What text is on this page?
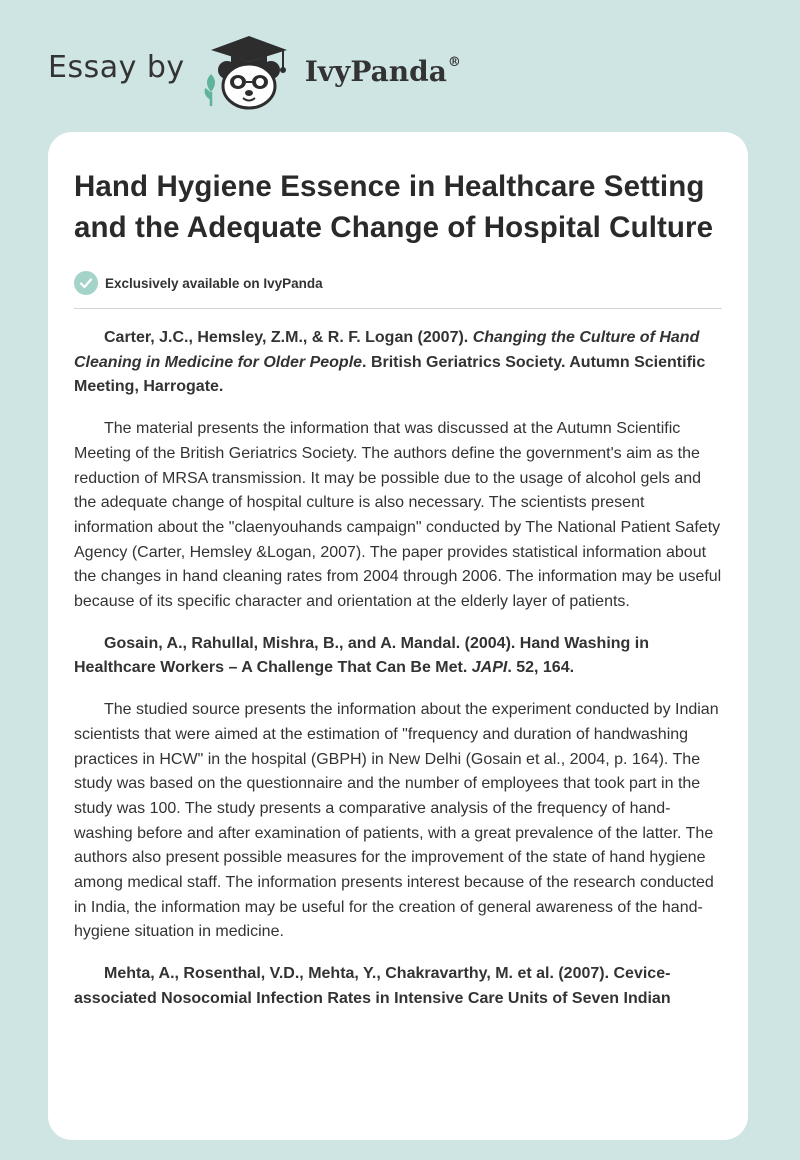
Essay by	IvyPanda®
Hand Hygiene Essence in Healthcare Setting and the Adequate Change of Hospital Culture
Exclusively available on IvyPanda

Carter, J.C., Hemsley, Z.M., & R. F. Logan (2007). Changing the Culture of Hand Cleaning in Medicine for Older People. British Geriatrics Society. Autumn Scientific Meeting, Harrogate.

The material presents the information that was discussed at the Autumn Scientific Meeting of the British Geriatrics Society. The authors define the government's aim as the reduction of MRSA transmission. It may be possible due to the usage of alcohol gels and the adequate change of hospital culture is also necessary. The scientists present information about the "claenyouhands campaign" conducted by The National Patient Safety Agency (Carter, Hemsley &Logan, 2007). The paper provides statistical information about the changes in hand cleaning rates from 2004 through 2006. The information may be useful because of its specific character and orientation at the elderly layer of patients.

Gosain, A., Rahullal, Mishra, B., and A. Mandal. (2004). Hand Washing in Healthcare Workers – A Challenge That Can Be Met. JAPI. 52, 164.

The studied source presents the information about the experiment conducted by Indian scientists that were aimed at the estimation of "frequency and duration of handwashing practices in HCW" in the hospital (GBPH) in New Delhi (Gosain et al., 2004, p. 164). The study was based on the questionnaire and the number of employees that took part in the study was 100. The study presents a comparative analysis of the frequency of hand-washing before and after examination of patients, with a great prevalence of the latter. The authors also present possible measures for the improvement of the state of hand hygiene among medical staff. The information presents interest because of the research conducted in India, the information may be useful for the creation of general awareness of the hand-hygiene situation in medicine.

Mehta, A., Rosenthal, V.D., Mehta, Y., Chakravarthy, M. et al. (2007). Cevice-associated Nosocomial Infection Rates in Intensive Care Units of Seven Indian
